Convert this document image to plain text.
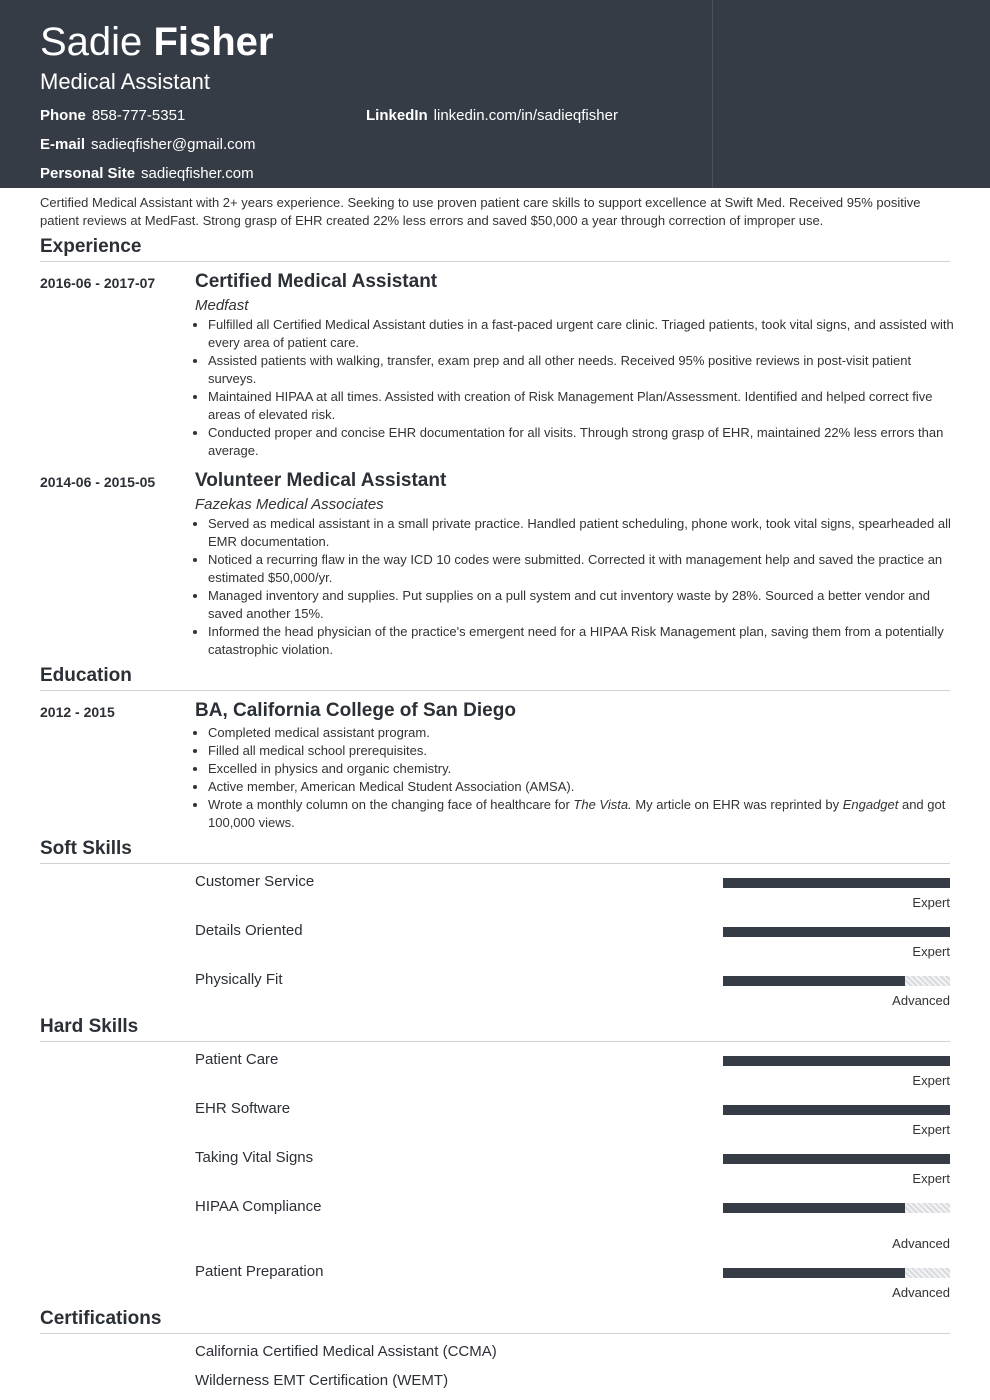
Sadie Fisher
Medical Assistant
Phone 858-777-5351	LinkedIn linkedin.com/in/sadieqfisher
E-mail sadieqfisher@gmail.com
Personal Site sadieqfisher.com
Certified Medical Assistant with 2+ years experience. Seeking to use proven patient care skills to support excellence at Swift Med. Received 95% positive
patient reviews at MedFast. Strong grasp of EHR created 22% less errors and saved $50,000 a year through correction of improper use.
Experience
2016-06 - 2017-07 Certified Medical Assistant
Medfast
• Fulfilled all Certified Medical Assistant duties in a fast-paced urgent care clinic. Triaged patients, took vital signs, and assisted with every area of patient care.
• Assisted patients with walking, transfer, exam prep and all other needs. Received 95% positive reviews in post-visit patient surveys.
• Maintained HIPAA at all times. Assisted with creation of Risk Management Plan/Assessment. Identified and helped correct five areas of elevated risk.
• Conducted proper and concise EHR documentation for all visits. Through strong grasp of EHR, maintained 22% less errors than average.
2014-06 - 2015-05 Volunteer Medical Assistant
Fazekas Medical Associates
• Served as medical assistant in a small private practice. Handled patient scheduling, phone work, took vital signs, spearheaded all EMR documentation.
• Noticed a recurring flaw in the way ICD 10 codes were submitted. Corrected it with management help and saved the practice an estimated $50,000/yr.
• Managed inventory and supplies. Put supplies on a pull system and cut inventory waste by 28%. Sourced a better vendor and saved another 15%.
• Informed the head physician of the practice's emergent need for a HIPAA Risk Management plan, saving them from a potentially catastrophic violation.
Education
2012 - 2015	BA, California College of San Diego
• Completed medical assistant program.
• Filled all medical school prerequisites.
• Excelled in physics and organic chemistry.
• Active member, American Medical Student Association (AMSA).
• Wrote a monthly column on the changing face of healthcare for The Vista. My article on EHR was reprinted by Engadget and got 100,000 views.
Soft Skills
Customer Service
Expert
Details Oriented
Expert
Physically Fit
Advanced
Hard Skills
Patient Care
Expert
EHR Software
Expert
Taking Vital Signs
Expert
HIPAA Compliance
Advanced
Patient Preparation
Advanced
Certifications
California Certified Medical Assistant (CCMA)
Wilderness EMT Certification (WEMT)
